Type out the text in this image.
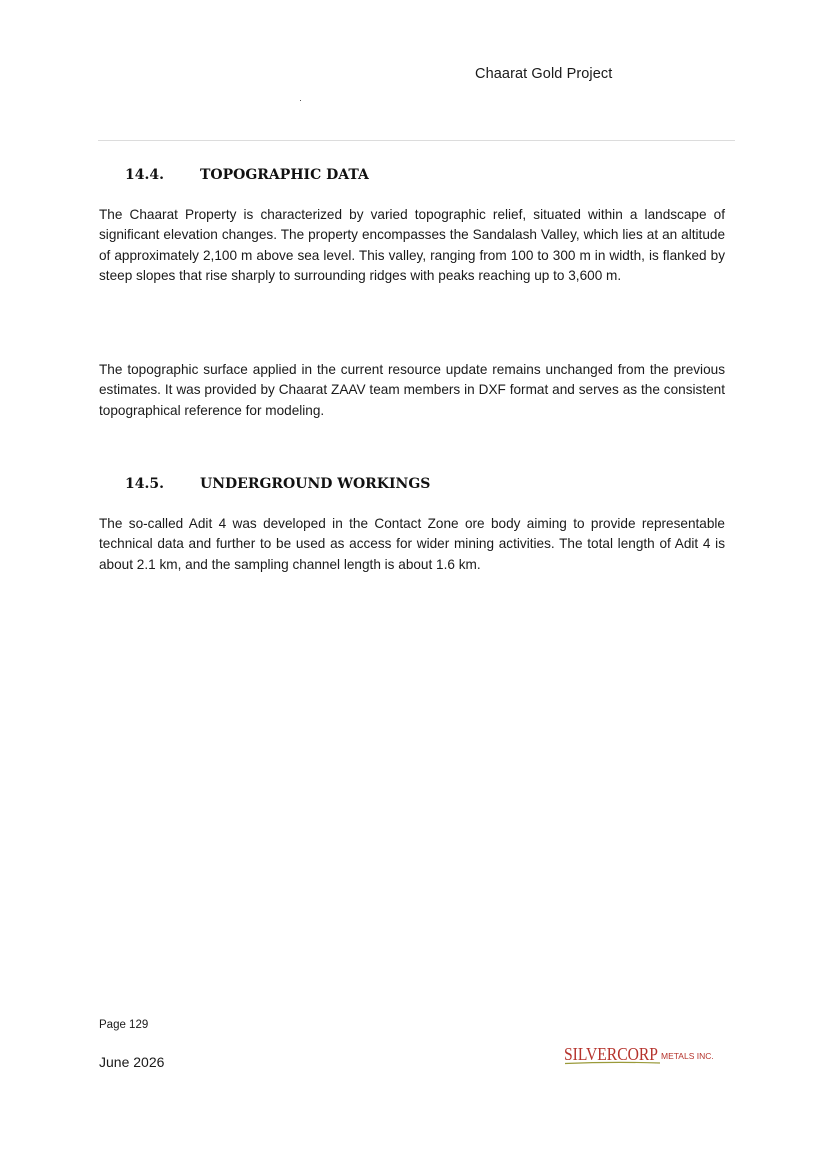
Chaarat Gold Project
14.4.	TOPOGRAPHIC DATA

The Chaarat Property is characterized by varied topographic relief, situated within a landscape of significant elevation changes. The property encompasses the Sandalash Valley, which lies at an altitude of approximately 2,100 m above sea level. This valley, ranging from 100 to 300 m in width, is flanked by steep slopes that rise sharply to surrounding ridges with peaks reaching up to 3,600 m.

The topographic surface applied in the current resource update remains unchanged from the previous estimates. It was provided by Chaarat ZAAV team members in DXF format and serves as the consistent topographical reference for modeling.

14.5.	UNDERGROUND WORKINGS

The so-called Adit 4 was developed in the Contact Zone ore body aiming to provide representable technical data and further to be used as access for wider mining activities. The total length of Adit 4 is about 2.1 km, and the sampling channel length is about 1.6 km.

Page 129
June 2026	SILVERCORP METALS INC.
